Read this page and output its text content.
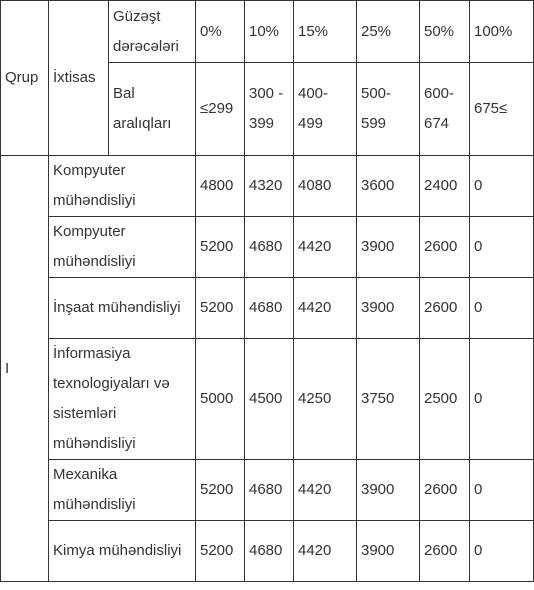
Qrup	İxtisas	Güzəşt dərəcələri	0%	10%	15%	25%	50%	100%
		Bal aralıqları	≤299	300 - 399	400-499	500-599	600-674	675≤
I	Kompyuter mühəndisliyi		4800	4320	4080	3600	2400	0
	Kompyuter mühəndisliyi		5200	4680	4420	3900	2600	0
	İnşaat mühəndisliyi		5200	4680	4420	3900	2600	0
	İnformasiya texnologiyaları və sistemləri mühəndisliyi		5000	4500	4250	3750	2500	0
	Mexanika mühəndisliyi		5200	4680	4420	3900	2600	0
	Kimya mühəndisliyi		5200	4680	4420	3900	2600	0
